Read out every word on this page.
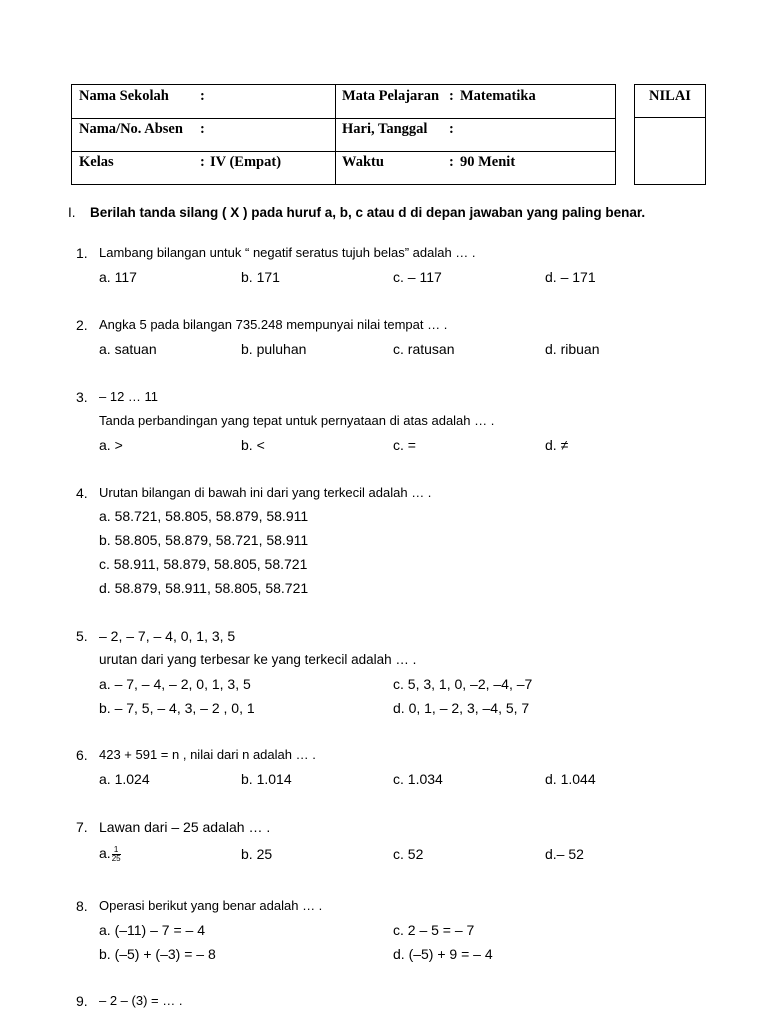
Nama Sekolah :	Mata Pelajaran : Matematika
Nama/No. Absen :	Hari, Tanggal :
Kelas	: IV (Empat)	Waktu	: 90 Menit
NILAI
I. Berilah tanda silang ( X ) pada huruf a, b, c atau d di depan jawaban yang paling benar.
1. Lambang bilangan untuk “ negatif seratus tujuh belas” adalah … .
a. 117	b. 171	c. – 117	d. – 171
2. Angka 5 pada bilangan 735.248 mempunyai nilai tempat … .
a. satuan	b. puluhan	c. ratusan	d. ribuan
3. – 12 … 11
Tanda perbandingan yang tepat untuk pernyataan di atas adalah … .
a. >	b. <	c. =	d. ≠
4. Urutan bilangan di bawah ini dari yang terkecil adalah … .
a. 58.721, 58.805, 58.879, 58.911
b. 58.805, 58.879, 58.721, 58.911
c. 58.911, 58.879, 58.805, 58.721
d. 58.879, 58.911, 58.805, 58.721
5. – 2, – 7, – 4, 0, 1, 3, 5
urutan dari yang terbesar ke yang terkecil adalah … .
a. – 7, – 4, – 2, 0, 1, 3, 5	c. 5, 3, 1, 0, –2, –4, –7
b. – 7, 5, – 4, 3, – 2 , 0, 1	d. 0, 1, – 2, 3, –4, 5, 7
6. 423 + 591 = n , nilai dari n adalah … .
a. 1.024	b. 1.014	c. 1.034	d. 1.044
7. Lawan dari – 25 adalah … .
a. $\frac{1}{25}$	b. 25	c. 52	d.– 52
8. Operasi berikut yang benar adalah … .
a. (–11) – 7 = – 4	c. 2 – 5 = – 7
b. (–5) + (–3) = – 8	d. (–5) + 9 = – 4
9. – 2 – (3) = … .
